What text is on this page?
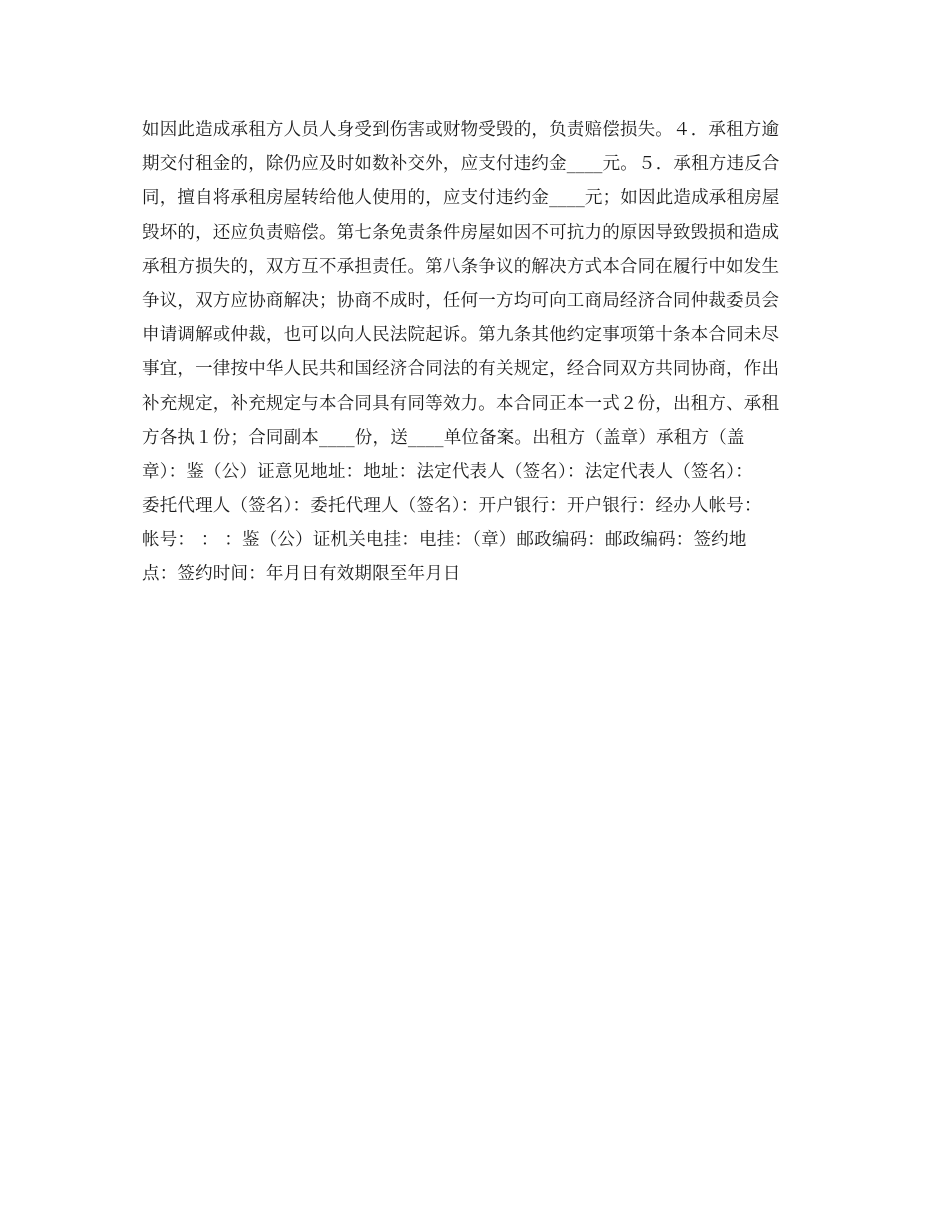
如因此造成承租方人员人身受到伤害或财物受毁的，负责赔偿损失。４．承租方逾
期交付租金的，除仍应及时如数补交外，应支付违约金____元。５．承租方违反合
同，擅自将承租房屋转给他人使用的，应支付违约金____元；如因此造成承租房屋
毁坏的，还应负责赔偿。第七条免责条件房屋如因不可抗力的原因导致毁损和造成
承租方损失的，双方互不承担责任。第八条争议的解决方式本合同在履行中如发生
争议，双方应协商解决；协商不成时，任何一方均可向工商局经济合同仲裁委员会
申请调解或仲裁，也可以向人民法院起诉。第九条其他约定事项第十条本合同未尽
事宜，一律按中华人民共和国经济合同法的有关规定，经合同双方共同协商，作出
补充规定，补充规定与本合同具有同等效力。本合同正本一式２份，出租方、承租
方各执１份；合同副本____份，送____单位备案。出租方（盖章）承租方（盖
章）：鉴（公）证意见地址：地址：法定代表人（签名）：法定代表人（签名）：
委托代理人（签名）：委托代理人（签名）：开户银行：开户银行：经办人帐号：
帐号： ： ：鉴（公）证机关电挂：电挂：（章）邮政编码：邮政编码：签约地
点：签约时间：年月日有效期限至年月日
